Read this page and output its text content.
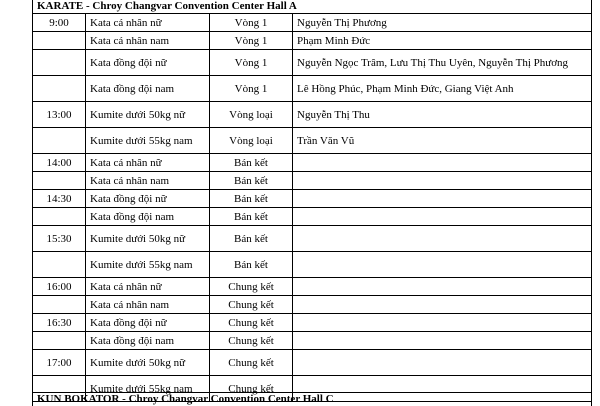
KARATE - Chroy Changvar Convention Center Hall A
9:00	Kata cá nhân nữ	Vòng 1	Nguyễn Thị Phương
	Kata cá nhân nam	Vòng 1	Phạm Minh Đức
	Kata đồng đội nữ	Vòng 1	Nguyễn Ngọc Trâm, Lưu Thị Thu Uyên, Nguyễn Thị Phương
	Kata đồng đội nam	Vòng 1	Lê Hồng Phúc, Phạm Minh Đức, Giang Việt Anh
13:00	Kumite dưới 50kg nữ	Vòng loại	Nguyễn Thị Thu
	Kumite dưới 55kg nam	Vòng loại	Trần Văn Vũ
14:00	Kata cá nhân nữ	Bán kết	
	Kata cá nhân nam	Bán kết	
14:30	Kata đồng đội nữ	Bán kết	
	Kata đồng đội nam	Bán kết	
15:30	Kumite dưới 50kg nữ	Bán kết	
	Kumite dưới 55kg nam	Bán kết	
16:00	Kata cá nhân nữ	Chung kết	
	Kata cá nhân nam	Chung kết	
16:30	Kata đồng đội nữ	Chung kết	
	Kata đồng đội nam	Chung kết	
17:00	Kumite dưới 50kg nữ	Chung kết	
	Kumite dưới 55kg nam	Chung kết	
KUN BOKATOR - Chroy Changvar Convention Center Hall C
